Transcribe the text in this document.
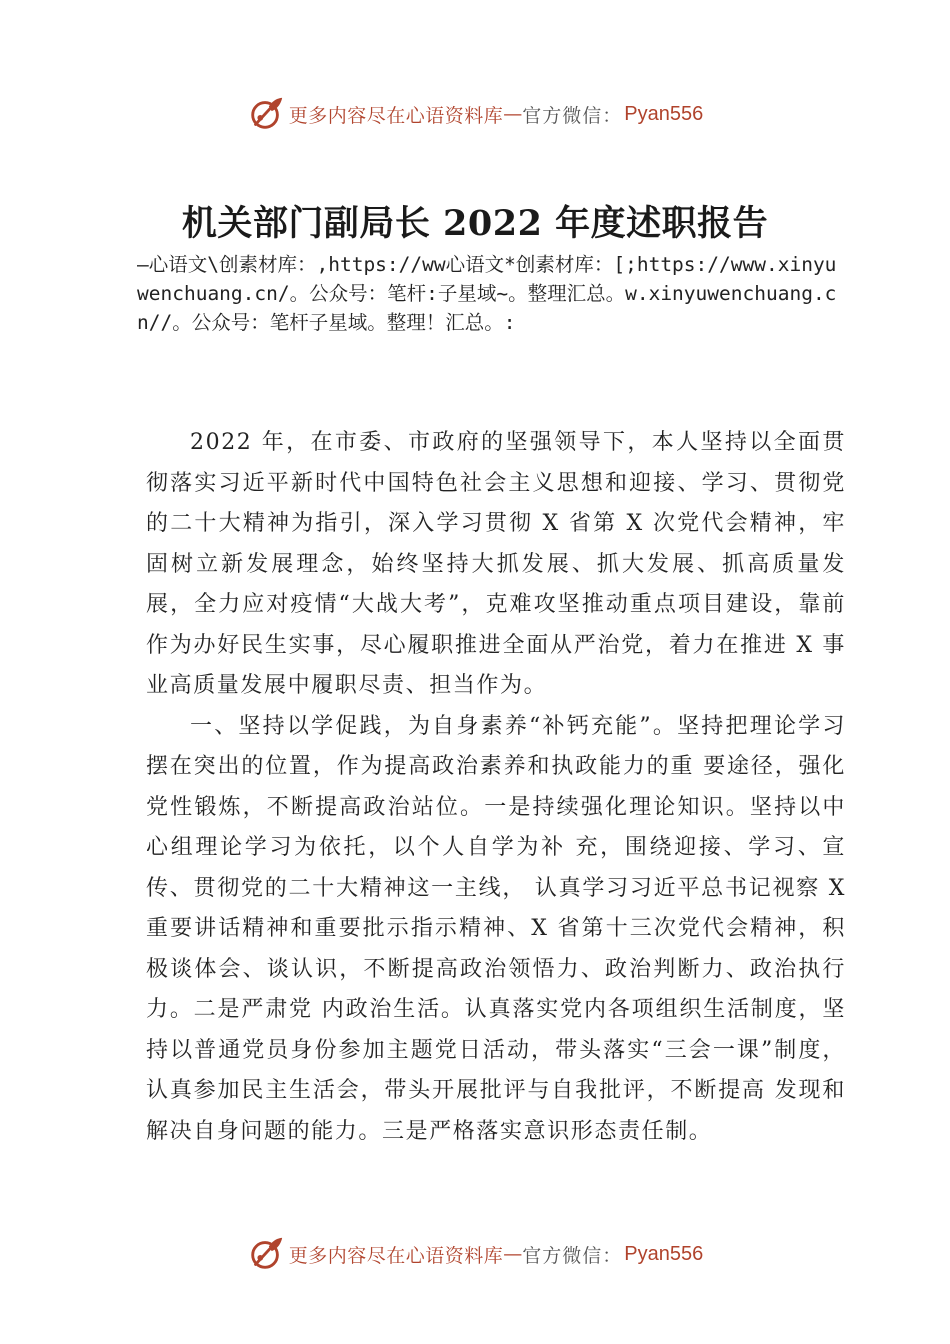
更多内容尽在心语资料库 — 官方微信： Pyan556
机关部门副局长 2022 年度述职报告

—心语文\创素材库：,https://ww心语文*创素材库：[;https://www.xinyuwenchuang.cn/。公众号：笔杆:子星域~。整理汇总。w.xinyuwenchuang.cn//。公众号：笔杆子星域。整理！汇总。:

2022 年，在市委、市政府的坚强领导下，本人坚持以全面贯彻落实习近平新时代中国特色社会主义思想和迎接、学习、贯彻党的二十大精神为指引，深入学习贯彻 X 省第 X 次党代会精神，牢固树立新发展理念，始终坚持大抓发展、抓大发展、抓高质量发展，全力应对疫情“大战大考”，克难攻坚推动重点项目建设，靠前作为办好民生实事，尽心履职推进全面从严治党，着力在推进 X 事业高质量发展中履职尽责、担当作为。

一、坚持以学促践，为自身素养“补钙充能”。坚持把理论学习摆在突出的位置，作为提高政治素养和执政能力的重 要途径，强化党性锻炼，不断提高政治站位。一是持续强化理论知识。坚持以中心组理论学习为依托，以个人自学为补 充，围绕迎接、学习、宣传、贯彻党的二十大精神这一主线， 认真学习习近平总书记视察 X 重要讲话精神和重要批示指示精神、X 省第十三次党代会精神，积极谈体会、谈认识，不断提高政治领悟力、政治判断力、政治执行力。二是严肃党 内政治生活。认真落实党内各项组织生活制度，坚持以普通党员身份参加主题党日活动，带头落实“三会一课”制度， 认真参加民主生活会，带头开展批评与自我批评，不断提高 发现和解决自身问题的能力。三是严格落实意识形态责任制。

更多内容尽在心语资料库 — 官方微信： Pyan556
